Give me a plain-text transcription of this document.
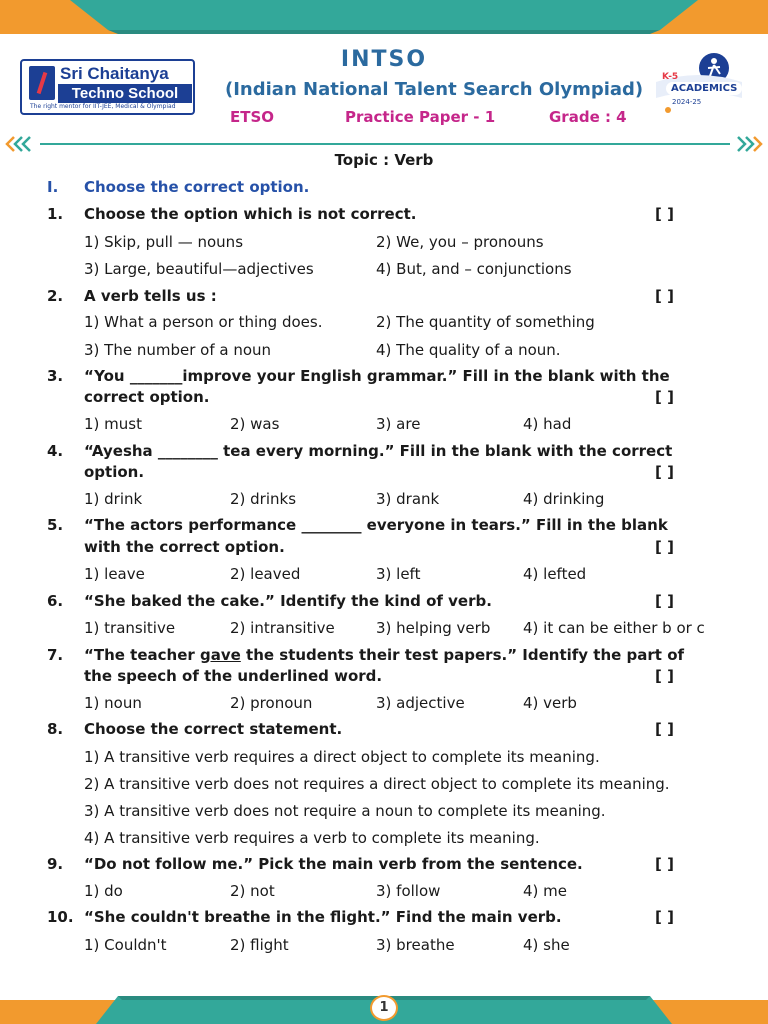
Sri Chaitanya
Techno School
The right mentor for IIT-JEE, Medical & Olympiad
K-5
ACADEMICS
2024-25
INTSO
(Indian National Talent Search Olympiad)
ETSO	Practice Paper - 1	Grade : 4
Topic : Verb
I. Choose the correct option.
1. Choose the option which is not correct.	[ ]
1) Skip, pull — nouns	2) We, you – pronouns
3) Large, beautiful—adjectives	4) But, and – conjunctions
2. A verb tells us :	[ ]
1) What a person or thing does.	2) The quantity of something
3) The number of a noun	4) The quality of a noun.
3. “You _______improve your English grammar.” Fill in the blank with the
correct option.	[ ]
1) must	2) was	3) are	4) had
4. “Ayesha ________ tea every morning.” Fill in the blank with the correct
option.	[ ]
1) drink	2) drinks	3) drank	4) drinking
5. “The actors performance ________ everyone in tears.” Fill in the blank
with the correct option.	[ ]
1) leave	2) leaved	3) left	4) lefted
6. “She baked the cake.” Identify the kind of verb.	[ ]
1) transitive	2) intransitive	3) helping verb 4) it can be either b or c
7. “The teacher gave the students their test papers.” Identify the part of
the speech of the underlined word.	[ ]
1) noun	2) pronoun	3) adjective	4) verb
8. Choose the correct statement.	[ ]
1) A transitive verb requires a direct object to complete its meaning.
2) A transitive verb does not requires a direct object to complete its meaning.
3) A transitive verb does not require a noun to complete its meaning.
4) A transitive verb requires a verb to complete its meaning.
9. “Do not follow me.” Pick the main verb from the sentence.	[ ]
1) do	2) not	3) follow	4) me
10. “She couldn't breathe in the flight.” Find the main verb.	[ ]
1) Couldn't	2) flight	3) breathe	4) she
1
